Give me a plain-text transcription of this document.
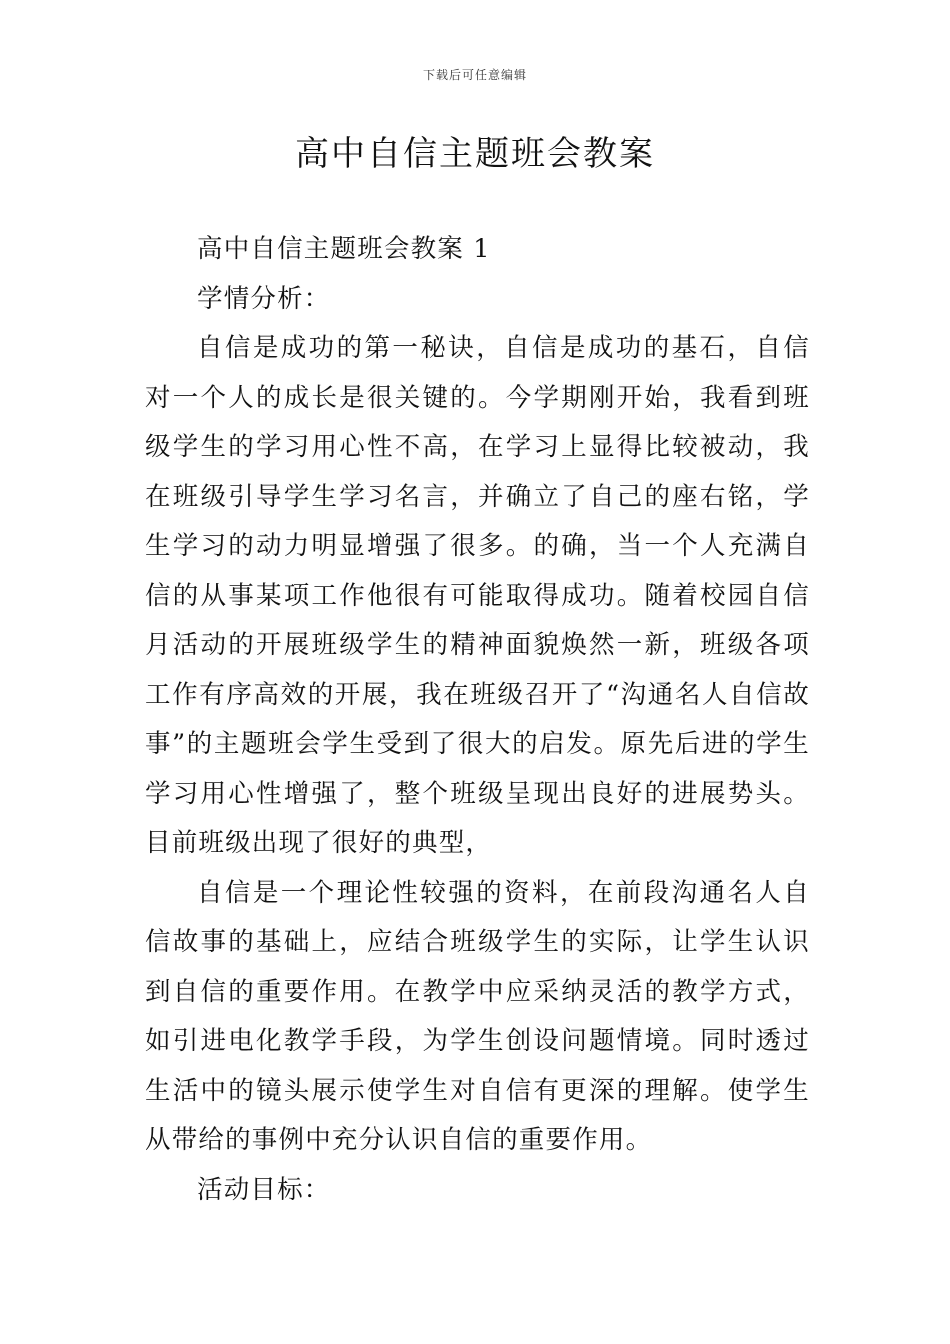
下载后可任意编辑
高中自信主题班会教案

高中自信主题班会教案 1

学情分析：

自信是成功的第一秘诀，自信是成功的基石，自信对一个人的成长是很关键的。今学期刚开始，我看到班级学生的学习用心性不高，在学习上显得比较被动，我在班级引导学生学习名言，并确立了自己的座右铭，学生学习的动力明显增强了很多。的确，当一个人充满自信的从事某项工作他很有可能取得成功。随着校园自信月活动的开展班级学生的精神面貌焕然一新，班级各项工作有序高效的开展，我在班级召开了“沟通名人自信故事”的主题班会学生受到了很大的启发。原先后进的学生学习用心性增强了，整个班级呈现出良好的进展势头。目前班级出现了很好的典型，

自信是一个理论性较强的资料，在前段沟通名人自信故事的基础上，应结合班级学生的实际，让学生认识到自信的重要作用。在教学中应采纳灵活的教学方式，如引进电化教学手段，为学生创设问题情境。同时透过生活中的镜头展示使学生对自信有更深的理解。使学生从带给的事例中充分认识自信的重要作用。

活动目标：
